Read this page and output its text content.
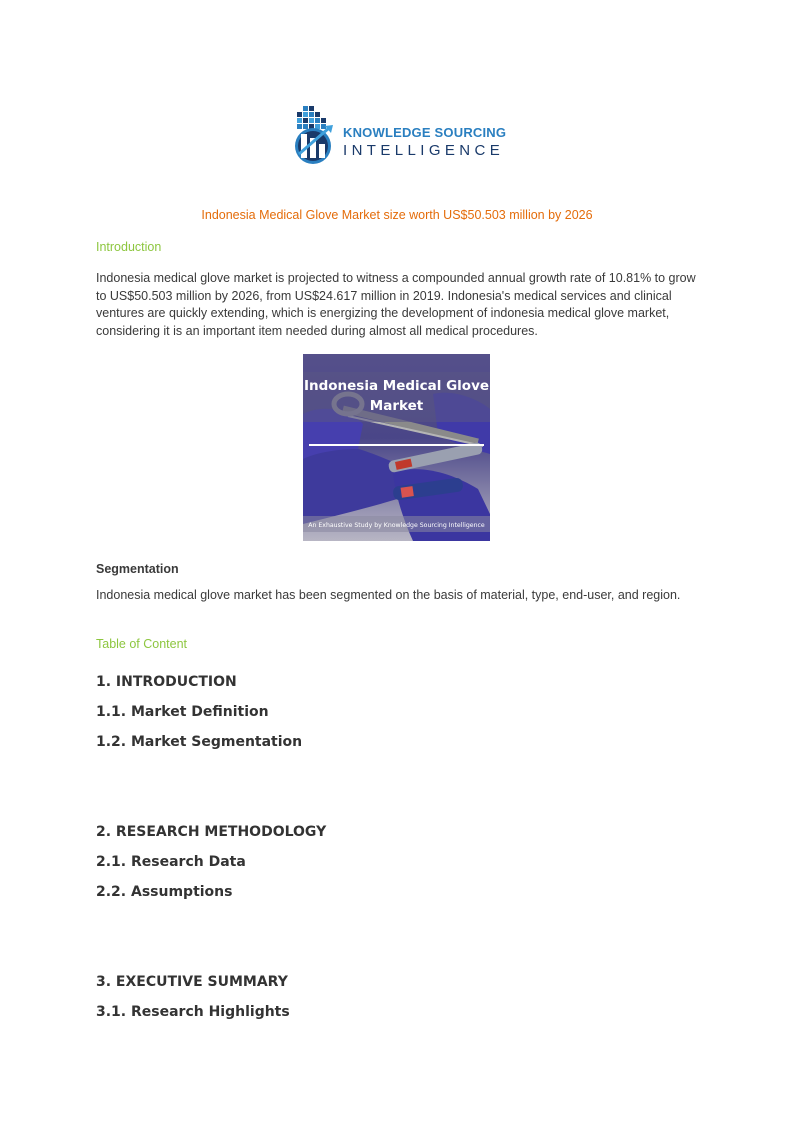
KNOWLEDGE SOURCING
INTELLIGENCE
Indonesia Medical Glove Market size worth US$50.503 million by 2026
Introduction
Indonesia medical glove market is projected to witness a compounded annual growth rate of 10.81% to grow to US$50.503 million by 2026, from US$24.617 million in 2019. Indonesia's medical services and clinical ventures are quickly extending, which is energizing the development of indonesia medical glove market, considering it is an important item needed during almost all medical procedures.
Indonesia Medical Glove Market
An Exhaustive Study by Knowledge Sourcing Intelligence
Segmentation
Indonesia medical glove market has been segmented on the basis of material, type, end-user, and region.
Table of Content
1. INTRODUCTION
1.1. Market Definition
1.2. Market Segmentation
2. RESEARCH METHODOLOGY
2.1. Research Data
2.2. Assumptions
3. EXECUTIVE SUMMARY
3.1. Research Highlights
